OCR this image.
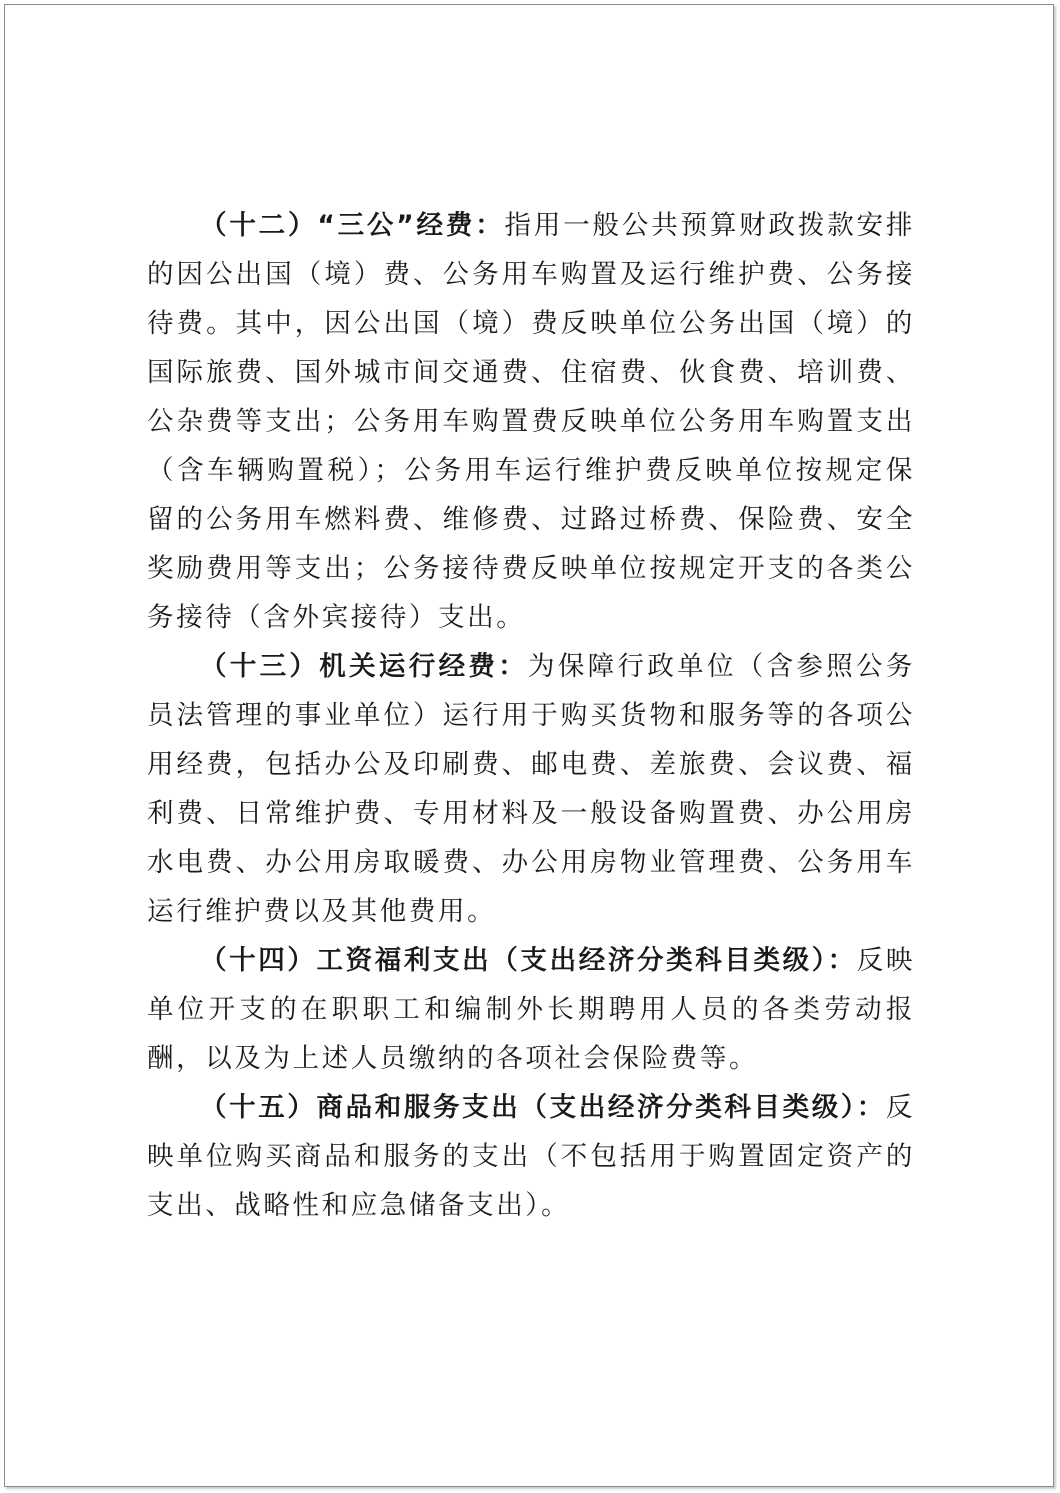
（十二）“三公”经费：指用一般公共预算财政拨款安排的因公出国（境）费、公务用车购置及运行维护费、公务接待费。其中，因公出国（境）费反映单位公务出国（境）的国际旅费、国外城市间交通费、住宿费、伙食费、培训费、公杂费等支出；公务用车购置费反映单位公务用车购置支出（含车辆购置税）；公务用车运行维护费反映单位按规定保留的公务用车燃料费、维修费、过路过桥费、保险费、安全奖励费用等支出；公务接待费反映单位按规定开支的各类公务接待（含外宾接待）支出。

（十三）机关运行经费：为保障行政单位（含参照公务员法管理的事业单位）运行用于购买货物和服务等的各项公用经费，包括办公及印刷费、邮电费、差旅费、会议费、福利费、日常维护费、专用材料及一般设备购置费、办公用房水电费、办公用房取暖费、办公用房物业管理费、公务用车运行维护费以及其他费用。

（十四）工资福利支出（支出经济分类科目类级）：反映单位开支的在职职工和编制外长期聘用人员的各类劳动报酬，以及为上述人员缴纳的各项社会保险费等。

（十五）商品和服务支出（支出经济分类科目类级）：反映单位购买商品和服务的支出（不包括用于购置固定资产的支出、战略性和应急储备支出）。
